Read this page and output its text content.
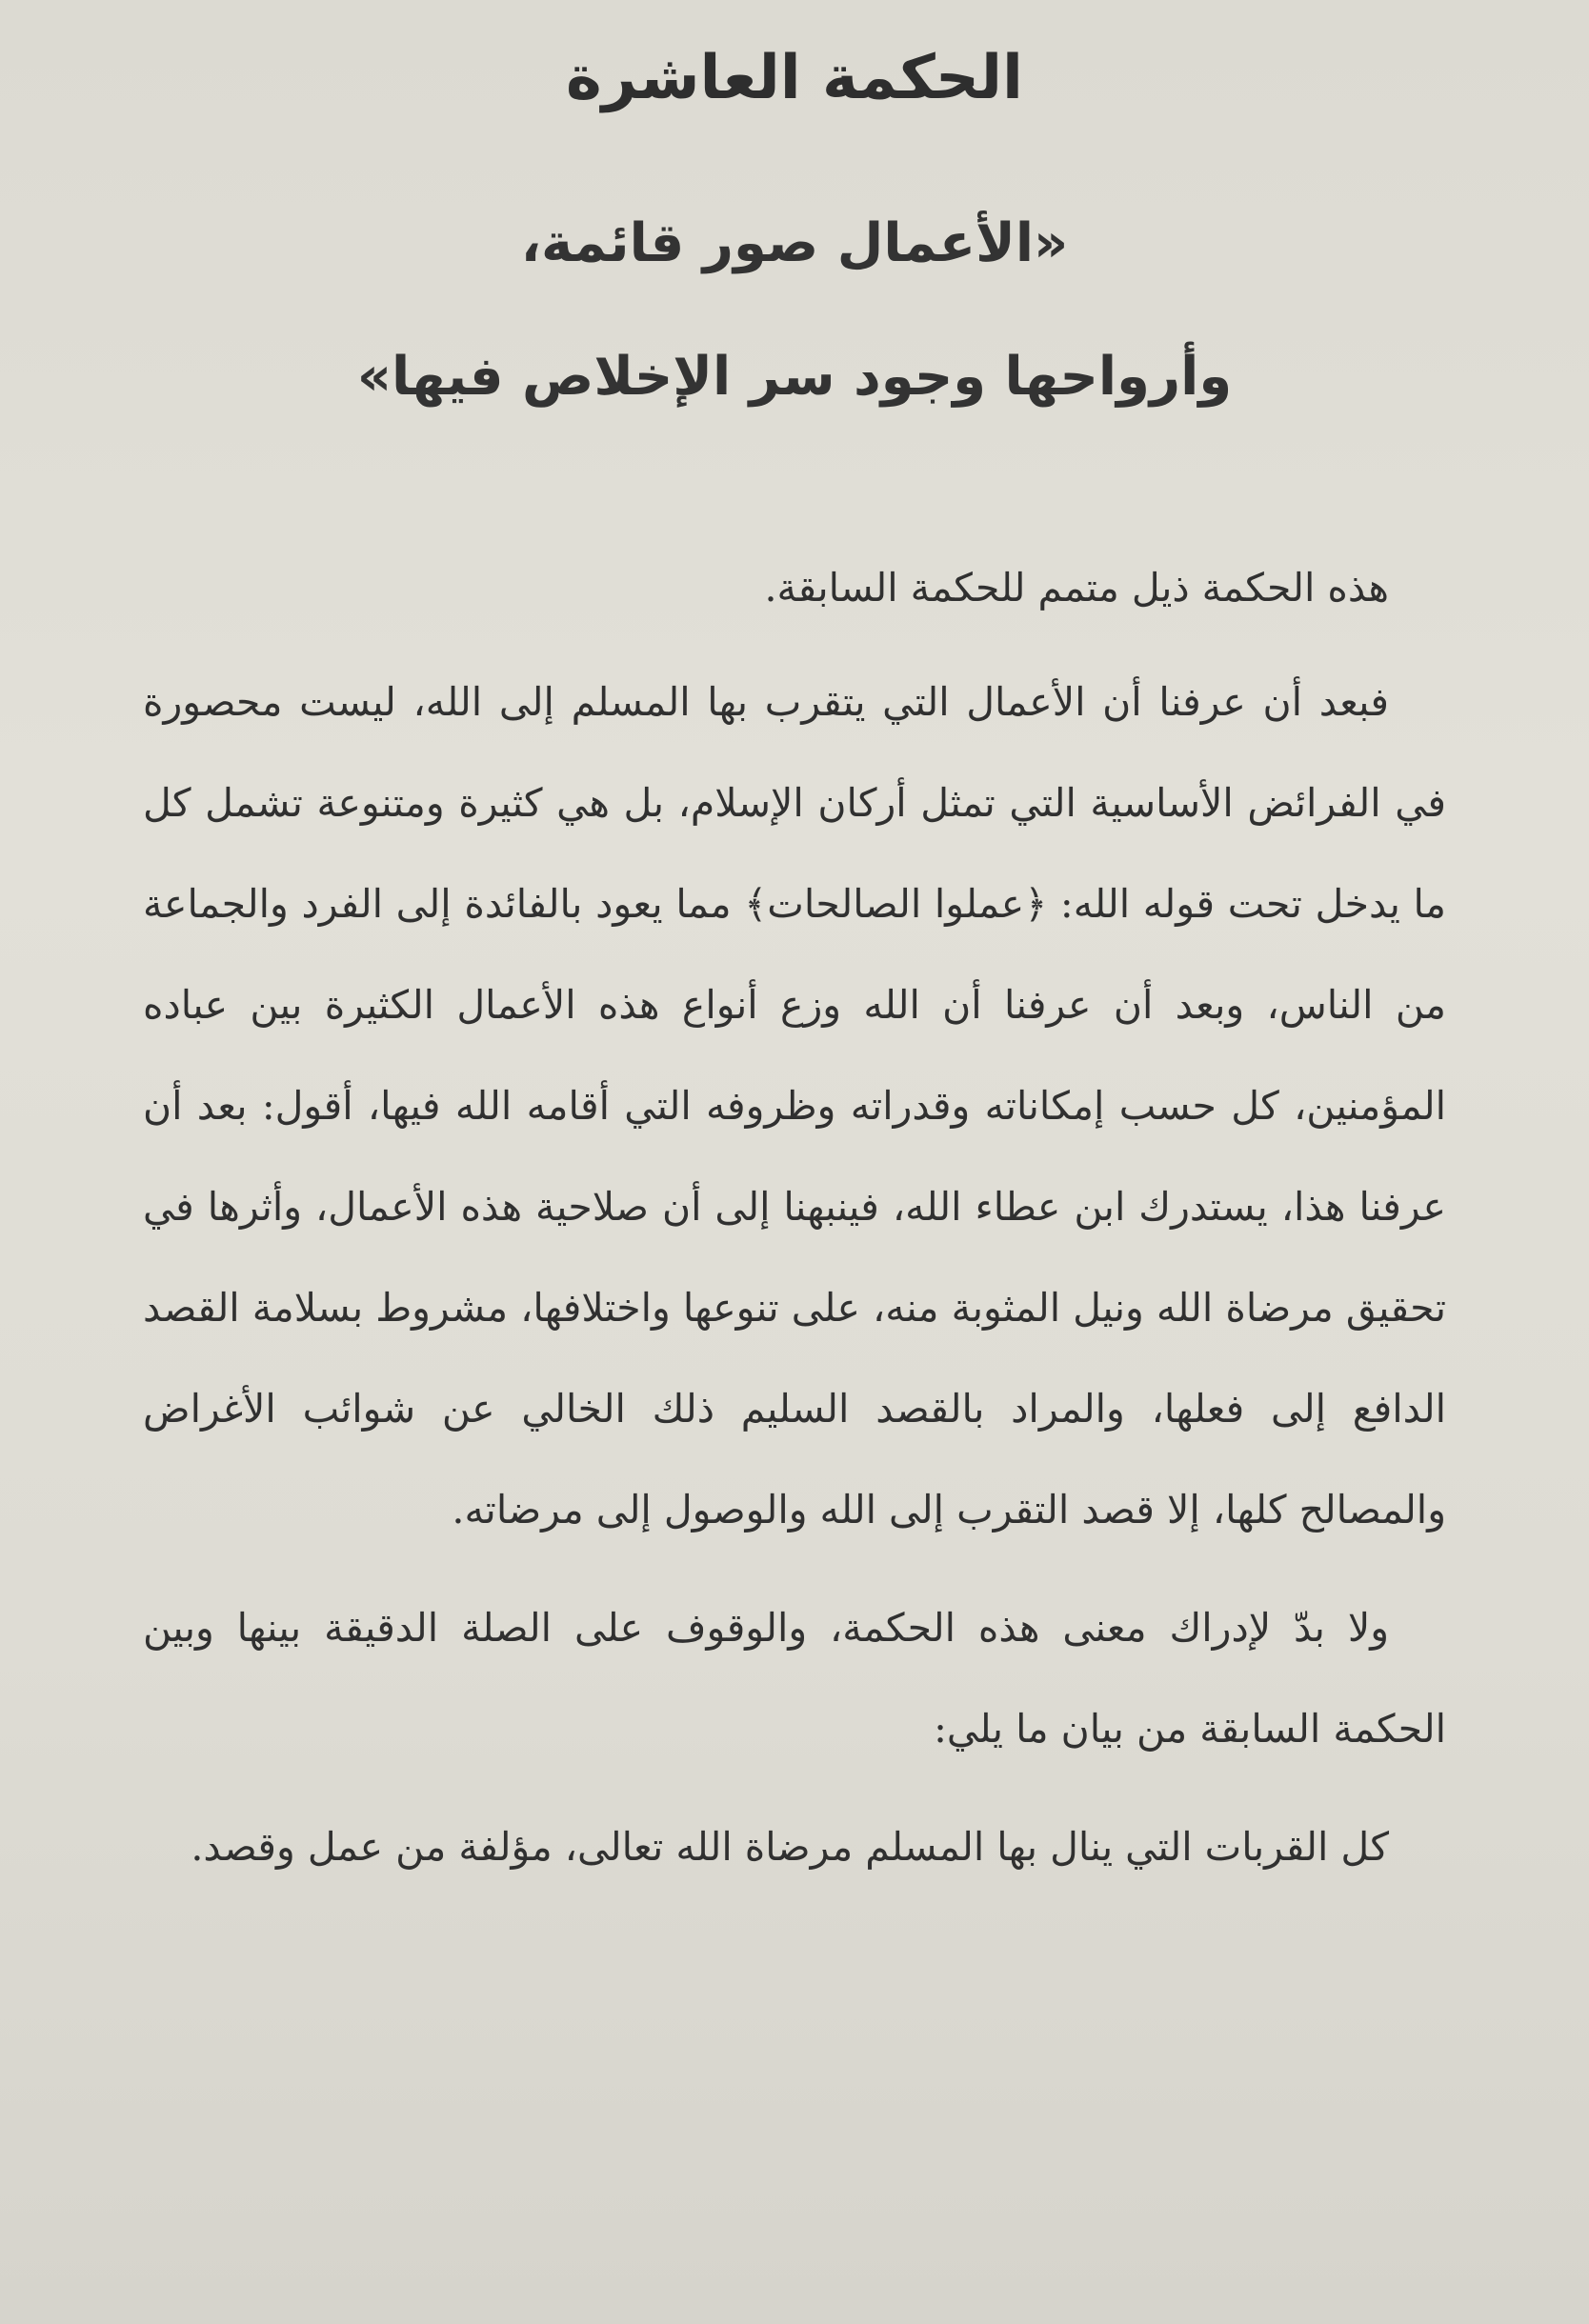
الحكمة العاشرة
«الأعمال صور قائمة،
وأرواحها وجود سر الإخلاص فيها»

هذه الحكمة ذيل متمم للحكمة السابقة.

فبعد أن عرفنا أن الأعمال التي يتقرب بها المسلم إلى الله، ليست محصورة في الفرائض الأساسية التي تمثل أركان الإسلام، بل هي كثيرة ومتنوعة تشمل كل ما يدخل تحت قوله الله: ﴿عملوا الصالحات﴾ مما يعود بالفائدة إلى الفرد والجماعة من الناس، وبعد أن عرفنا أن الله وزع أنواع هذه الأعمال الكثيرة بين عباده المؤمنين، كل حسب إمكاناته وقدراته وظروفه التي أقامه الله فيها، أقول: بعد أن عرفنا هذا، يستدرك ابن عطاء الله، فينبهنا إلى أن صلاحية هذه الأعمال، وأثرها في تحقيق مرضاة الله ونيل المثوبة منه، على تنوعها واختلافها، مشروط بسلامة القصد الدافع إلى فعلها، والمراد بالقصد السليم ذلك الخالي عن شوائب الأغراض والمصالح كلها، إلا قصد التقرب إلى الله والوصول إلى مرضاته.

ولا بدّ لإدراك معنى هذه الحكمة، والوقوف على الصلة الدقيقة بينها وبين الحكمة السابقة من بيان ما يلي:

كل القربات التي ينال بها المسلم مرضاة الله تعالى، مؤلفة من عمل وقصد.
